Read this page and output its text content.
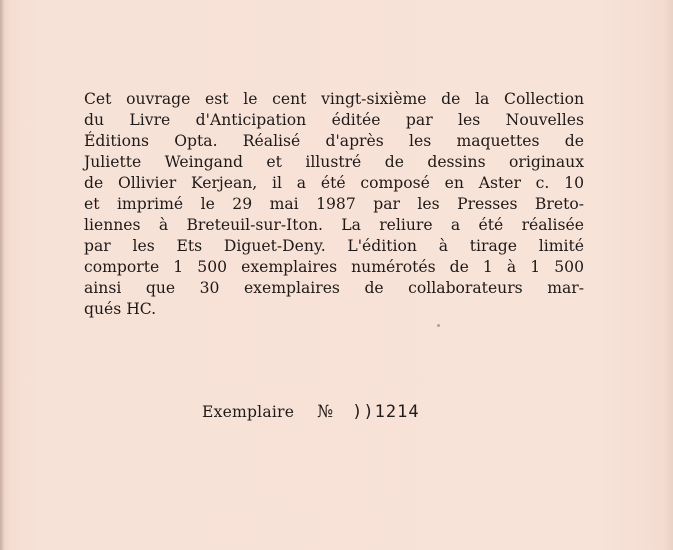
Cet ouvrage est le cent vingt-sixième de la Collection
du Livre d'Anticipation éditée par les Nouvelles
Éditions Opta. Réalisé d'après les maquettes de
Juliette Weingand et illustré de dessins originaux
de Ollivier Kerjean, il a été composé en Aster c. 10
et imprimé le 29 mai 1987 par les Presses Breto-
liennes à Breteuil-sur-Iton. La reliure a été réalisée
par les Ets Diguet-Deny. L'édition à tirage limité
comporte 1 500 exemplaires numérotés de 1 à 1 500
ainsi que 30 exemplaires de collaborateurs mar-
qués HC.
Exemplaire № ))1214
